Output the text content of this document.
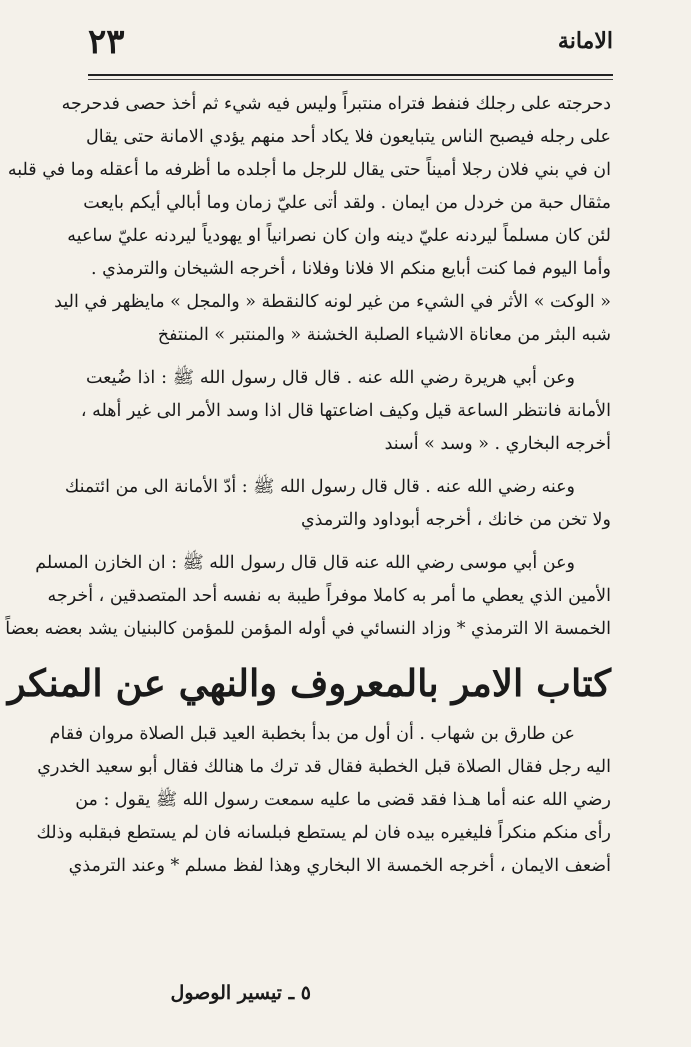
الامانة
٢٣
دحرجته على رجلك فنفط فتراه منتبراً وليس فيه شيء ثم أخذ حصى فدحرجه
على رجله فيصبح الناس يتبايعون فلا يكاد أحد منهم يؤدي الامانة حتى يقال
ان في بني فلان رجلا أميناً حتى يقال للرجل ما أجلده ما أظرفه ما أعقله وما في قلبه
مثقال حبة من خردل من ايمان . ولقد أتى عليّ زمان وما أبالي أيكم بايعت
لئن كان مسلماً ليردنه عليّ دينه وان كان نصرانياً او يهودياً ليردنه عليّ ساعيه
وأما اليوم فما كنت أبايع منكم الا فلانا وفلانا ، أخرجه الشيخان والترمذي .
« الوكت » الأثر في الشيء من غير لونه كالنقطة « والمجل » مايظهر في اليد
شبه البثر من معاناة الاشياء الصلبة الخشنة « والمنتبر » المنتفخ
وعن أبي هريرة رضي الله عنه . قال قال رسول الله ﷺ : اذا ضُيعت
الأمانة فانتظر الساعة قيل وكيف اضاعتها قال اذا وسد الأمر الى غير أهله ،
أخرجه البخاري . « وسد » أسند
وعنه رضي الله عنه . قال قال رسول الله ﷺ : أدّ الأمانة الى من ائتمنك
ولا تخن من خانك ، أخرجه أبوداود والترمذي
وعن أبي موسى رضي الله عنه قال قال رسول الله ﷺ : ان الخازن المسلم
الأمين الذي يعطي ما أمر به كاملا موفراً طيبة به نفسه أحد المتصدقين ، أخرجه
الخمسة الا الترمذي * وزاد النسائي في أوله المؤمن للمؤمن كالبنيان يشد بعضه بعضاً
كتاب الامر بالمعروف والنهي عن المنكر
عن طارق بن شهاب . أن أول من بدأ بخطبة العيد قبل الصلاة مروان فقام
اليه رجل فقال الصلاة قبل الخطبة فقال قد ترك ما هنالك فقال أبو سعيد الخدري
رضي الله عنه أما هـذا فقد قضى ما عليه سمعت رسول الله ﷺ يقول : من
رأى منكم منكراً فليغيره بيده فان لم يستطع فبلسانه فان لم يستطع فبقلبه وذلك
أضعف الايمان ، أخرجه الخمسة الا البخاري وهذا لفظ مسلم * وعند الترمذي
٥ ـ تيسير الوصول
